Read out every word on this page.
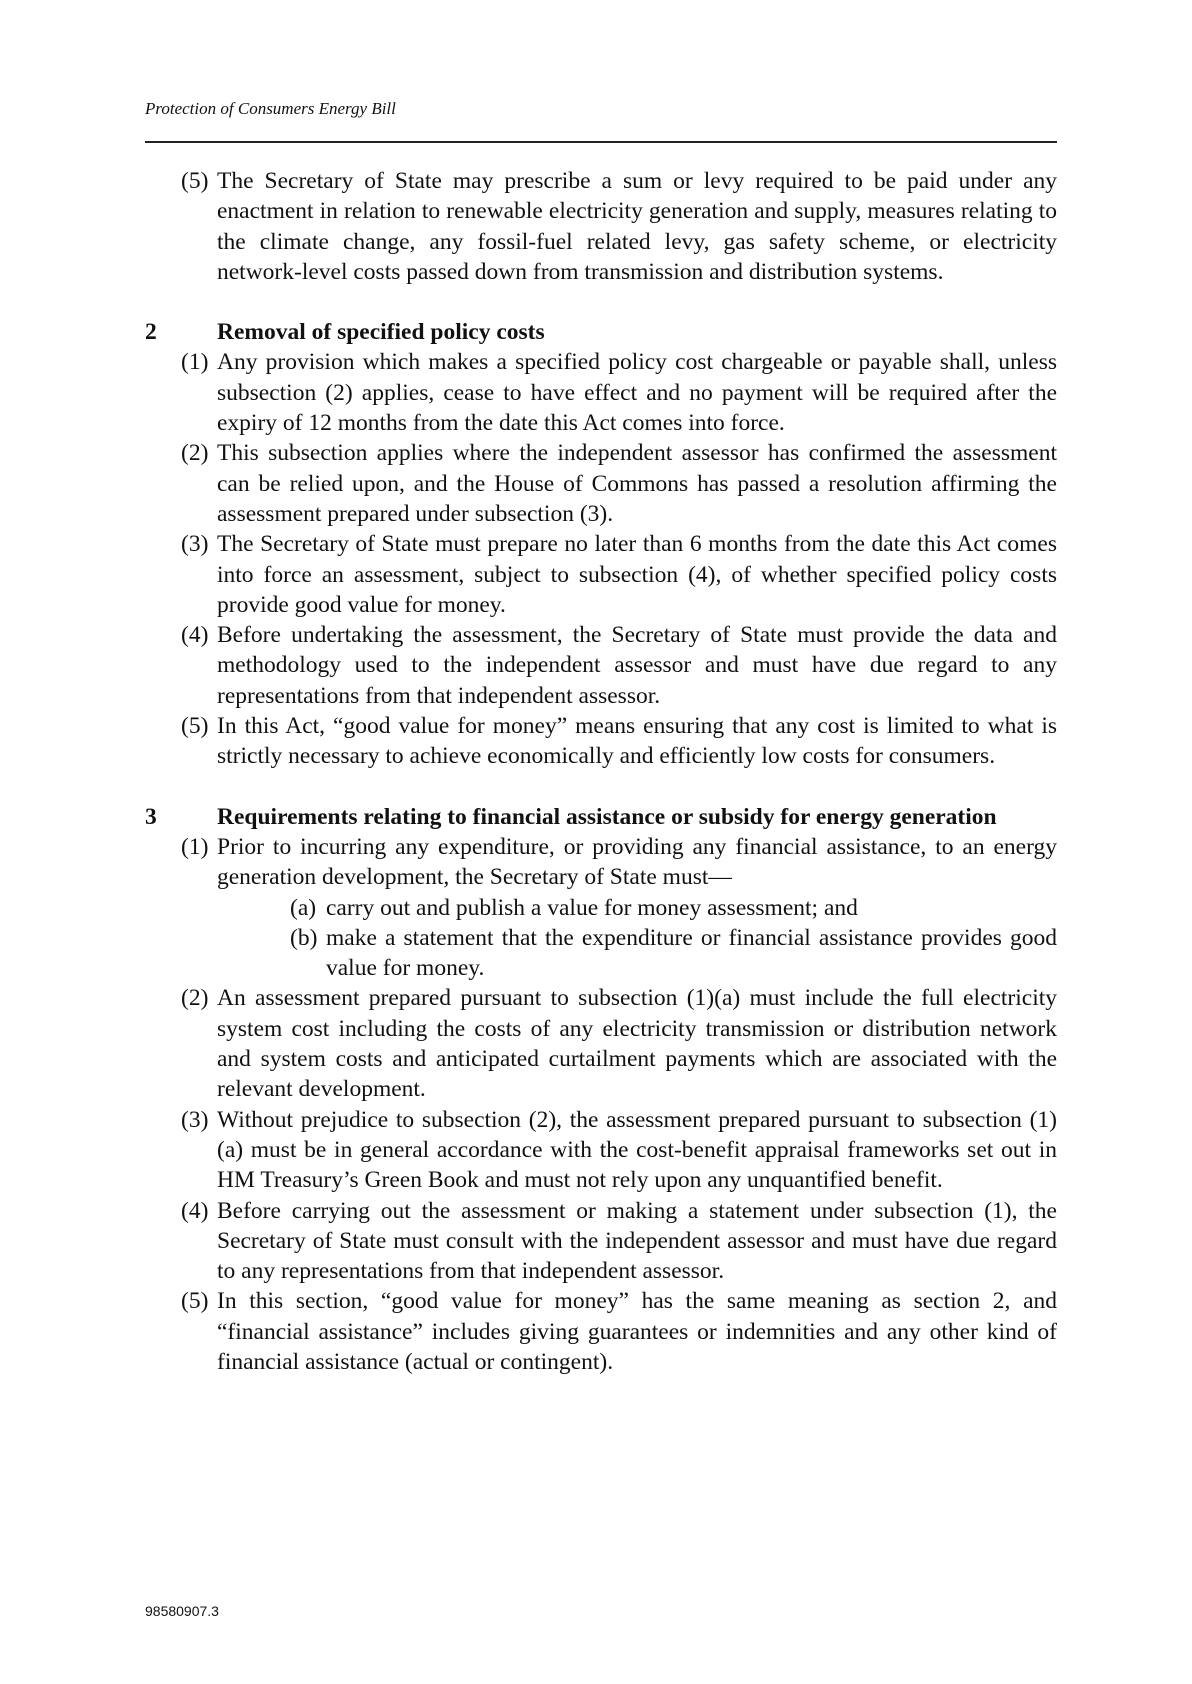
Protection of Consumers Energy Bill
(5) The Secretary of State may prescribe a sum or levy required to be paid under any enactment in relation to renewable electricity generation and supply, measures relating to the climate change, any fossil-fuel related levy, gas safety scheme, or electricity network-level costs passed down from transmission and distribution systems.
2	Removal of specified policy costs
(1) Any provision which makes a specified policy cost chargeable or payable shall, unless subsection (2) applies, cease to have effect and no payment will be required after the expiry of 12 months from the date this Act comes into force.
(2) This subsection applies where the independent assessor has confirmed the assessment can be relied upon, and the House of Commons has passed a resolution affirming the assessment prepared under subsection (3).
(3) The Secretary of State must prepare no later than 6 months from the date this Act comes into force an assessment, subject to subsection (4), of whether specified policy costs provide good value for money.
(4) Before undertaking the assessment, the Secretary of State must provide the data and methodology used to the independent assessor and must have due regard to any representations from that independent assessor.
(5) In this Act, “good value for money” means ensuring that any cost is limited to what is strictly necessary to achieve economically and efficiently low costs for consumers.
3	Requirements relating to financial assistance or subsidy for energy generation
(1) Prior to incurring any expenditure, or providing any financial assistance, to an energy generation development, the Secretary of State must—
(a) carry out and publish a value for money assessment; and
(b) make a statement that the expenditure or financial assistance provides good value for money.
(2) An assessment prepared pursuant to subsection (1)(a) must include the full electricity system cost including the costs of any electricity transmission or distribution network and system costs and anticipated curtailment payments which are associated with the relevant development.
(3) Without prejudice to subsection (2), the assessment prepared pursuant to subsection (1)(a) must be in general accordance with the cost-benefit appraisal frameworks set out in HM Treasury’s Green Book and must not rely upon any unquantified benefit.
(4) Before carrying out the assessment or making a statement under subsection (1), the Secretary of State must consult with the independent assessor and must have due regard to any representations from that independent assessor.
(5) In this section, “good value for money” has the same meaning as section 2, and “financial assistance” includes giving guarantees or indemnities and any other kind of financial assistance (actual or contingent).
98580907.3
